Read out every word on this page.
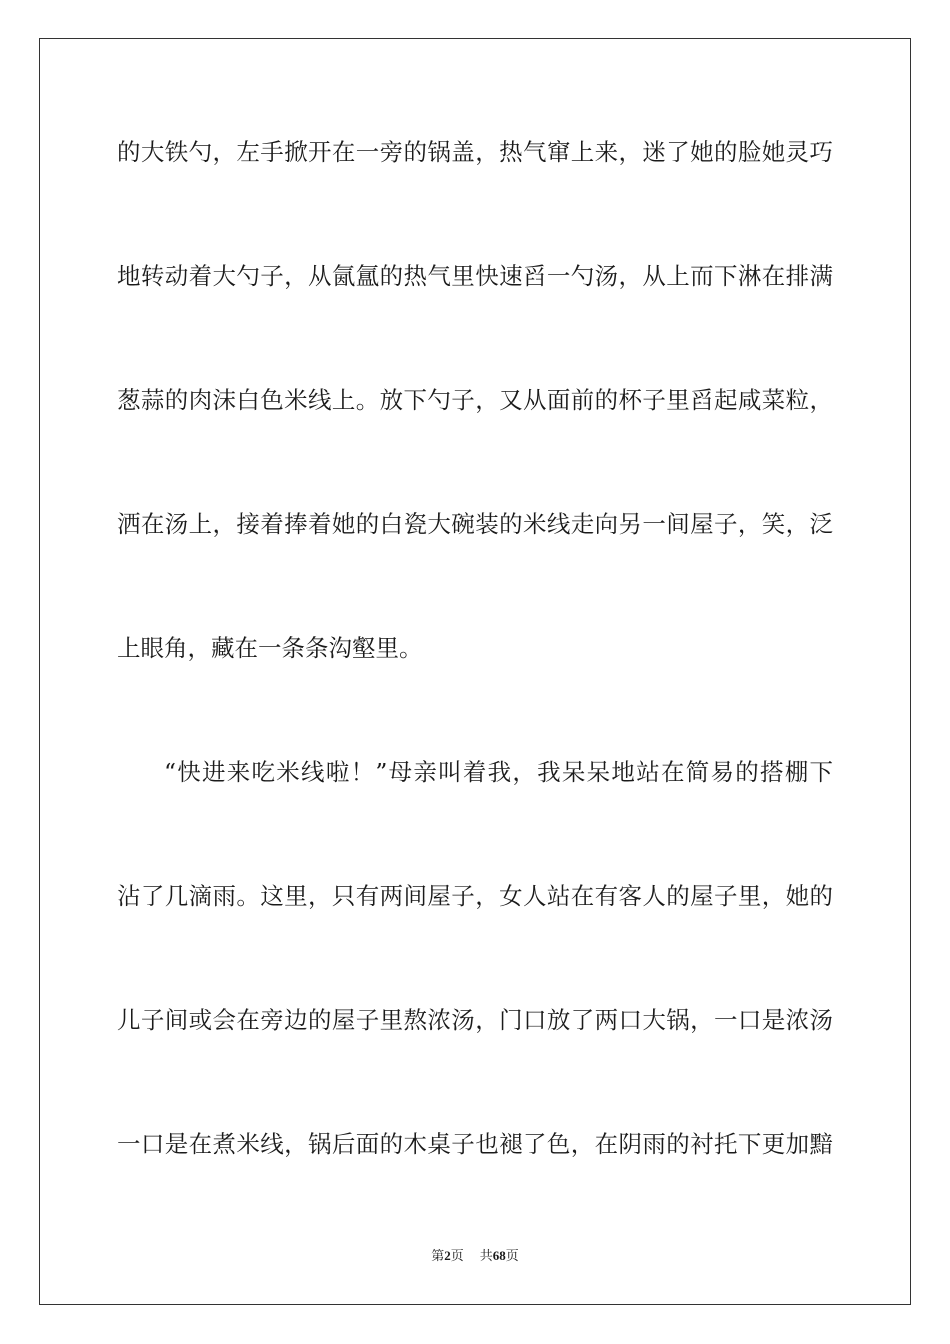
的大铁勺，左手掀开在一旁的锅盖，热气窜上来，迷了她的脸她灵巧
地转动着大勺子，从氤氲的热气里快速舀一勺汤，从上而下淋在排满
葱蒜的肉沫白色米线上。放下勺子，又从面前的杯子里舀起咸菜粒，
洒在汤上，接着捧着她的白瓷大碗装的米线走向另一间屋子，笑，泛
上眼角，藏在一条条沟壑里。
“快进来吃米线啦！”母亲叫着我，我呆呆地站在简易的搭棚下
沾了几滴雨。这里，只有两间屋子，女人站在有客人的屋子里，她的
儿子间或会在旁边的屋子里熬浓汤，门口放了两口大锅，一口是浓汤
一口是在煮米线，锅后面的木桌子也褪了色，在阴雨的衬托下更加黯
第2页 共68页
